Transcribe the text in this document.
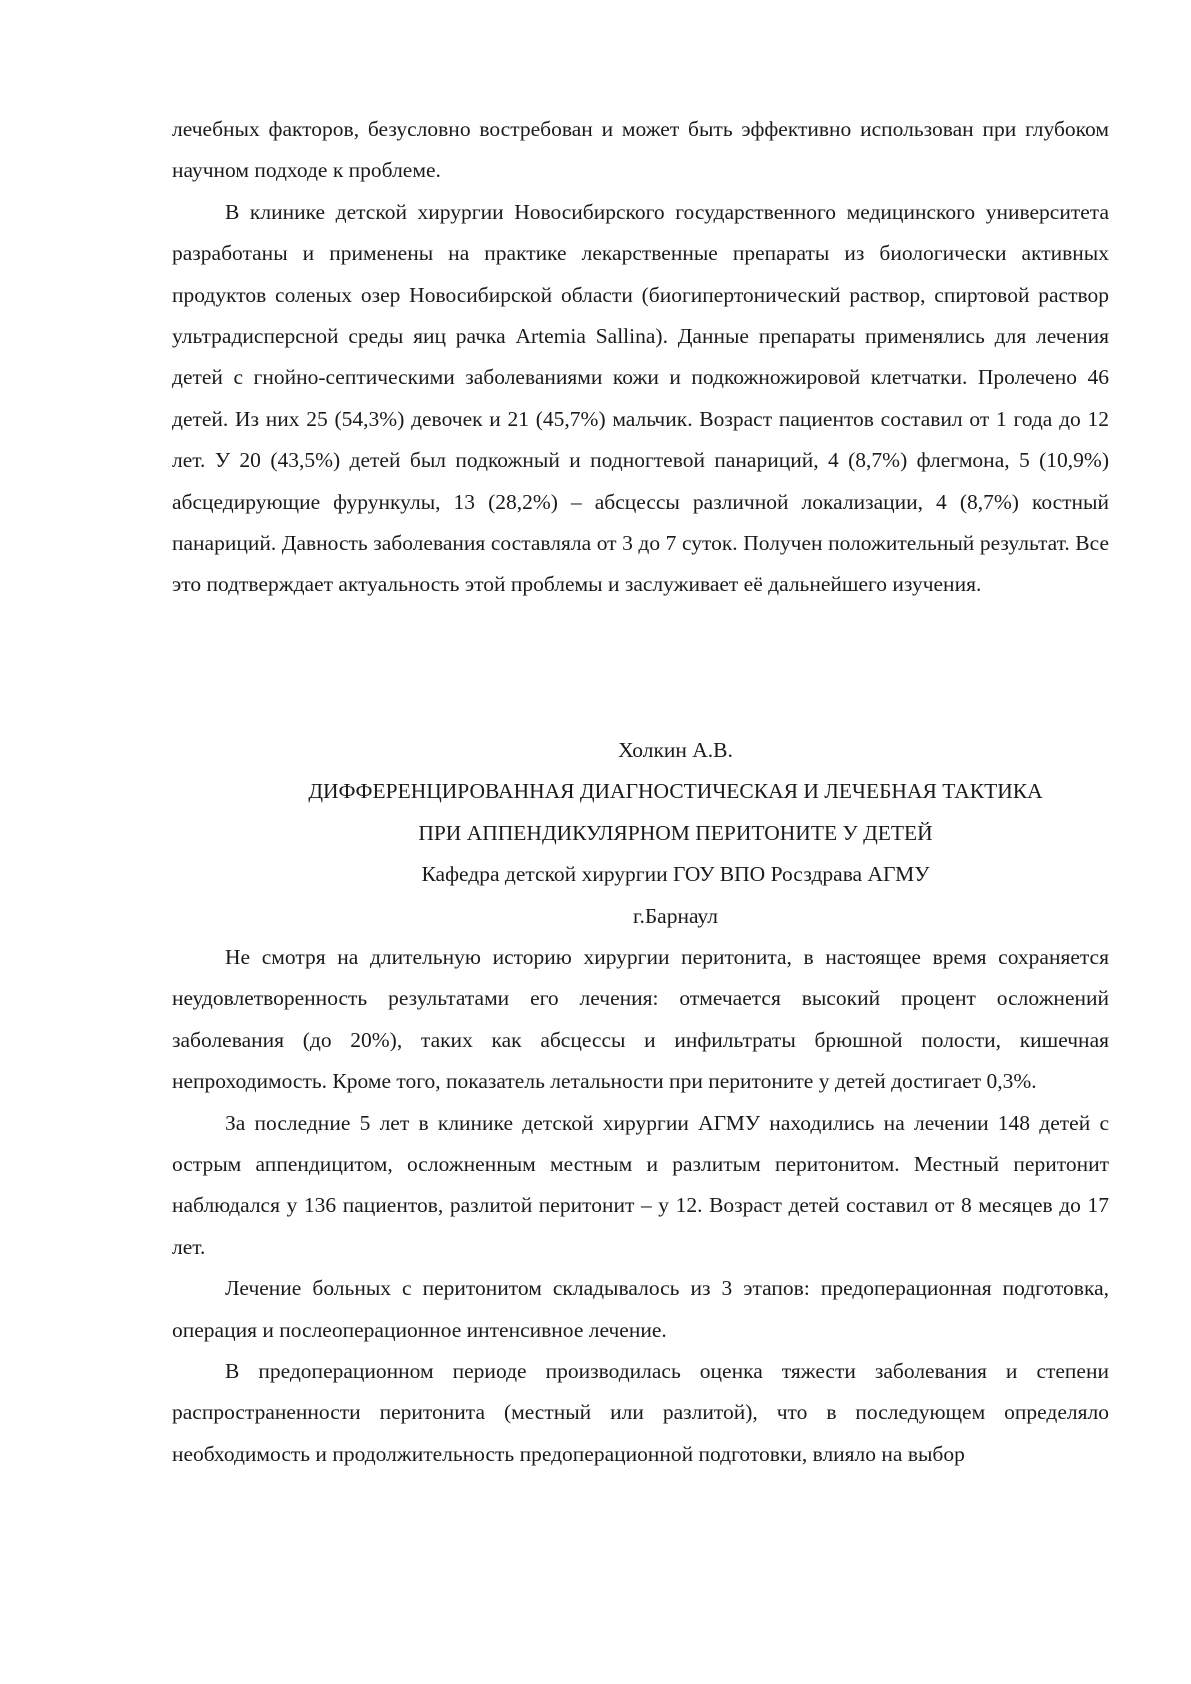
лечебных факторов, безусловно востребован и может быть эффективно использован при глубоком научном подходе к проблеме.

В клинике детской хирургии Новосибирского государственного медицинского университета разработаны и применены на практике лекарственные препараты из биологически активных продуктов соленых озер Новосибирской области (биогипертонический раствор, спиртовой раствор ультрадисперсной среды яиц рачка Artemia Sallina). Данные препараты применялись для лечения детей с гнойно-септическими заболеваниями кожи и подкожножировой клетчатки. Пролечено 46 детей. Из них 25 (54,3%) девочек и 21 (45,7%) мальчик. Возраст пациентов составил от 1 года до 12 лет. У 20 (43,5%) детей был подкожный и подногтевой панариций, 4 (8,7%) флегмона, 5 (10,9%) абсцедирующие фурункулы, 13 (28,2%) – абсцессы различной локализации, 4 (8,7%) костный панариций. Давность заболевания составляла от 3 до 7 суток. Получен положительный результат. Все это подтверждает актуальность этой проблемы и заслуживает её дальнейшего изучения.

Холкин А.В.

ДИФФЕРЕНЦИРОВАННАЯ ДИАГНОСТИЧЕСКАЯ И ЛЕЧЕБНАЯ ТАКТИКА

ПРИ АППЕНДИКУЛЯРНОМ ПЕРИТОНИТЕ У ДЕТЕЙ

Кафедра детской хирургии ГОУ ВПО Росздрава АГМУ

г.Барнаул

Не смотря на длительную историю хирургии перитонита, в настоящее время сохраняется неудовлетворенность результатами его лечения: отмечается высокий процент осложнений заболевания (до 20%), таких как абсцессы и инфильтраты брюшной полости, кишечная непроходимость. Кроме того, показатель летальности при перитоните у детей достигает 0,3%.

За последние 5 лет в клинике детской хирургии АГМУ находились на лечении 148 детей с острым аппендицитом, осложненным местным и разлитым перитонитом. Местный перитонит наблюдался у 136 пациентов, разлитой перитонит – у 12. Возраст детей составил от 8 месяцев до 17 лет.

Лечение больных с перитонитом складывалось из 3 этапов: предоперационная подготовка, операция и послеоперационное интенсивное лечение.

В предоперационном периоде производилась оценка тяжести заболевания и степени распространенности перитонита (местный или разлитой), что в последующем определяло необходимость и продолжительность предоперационной подготовки, влияло на выбор
